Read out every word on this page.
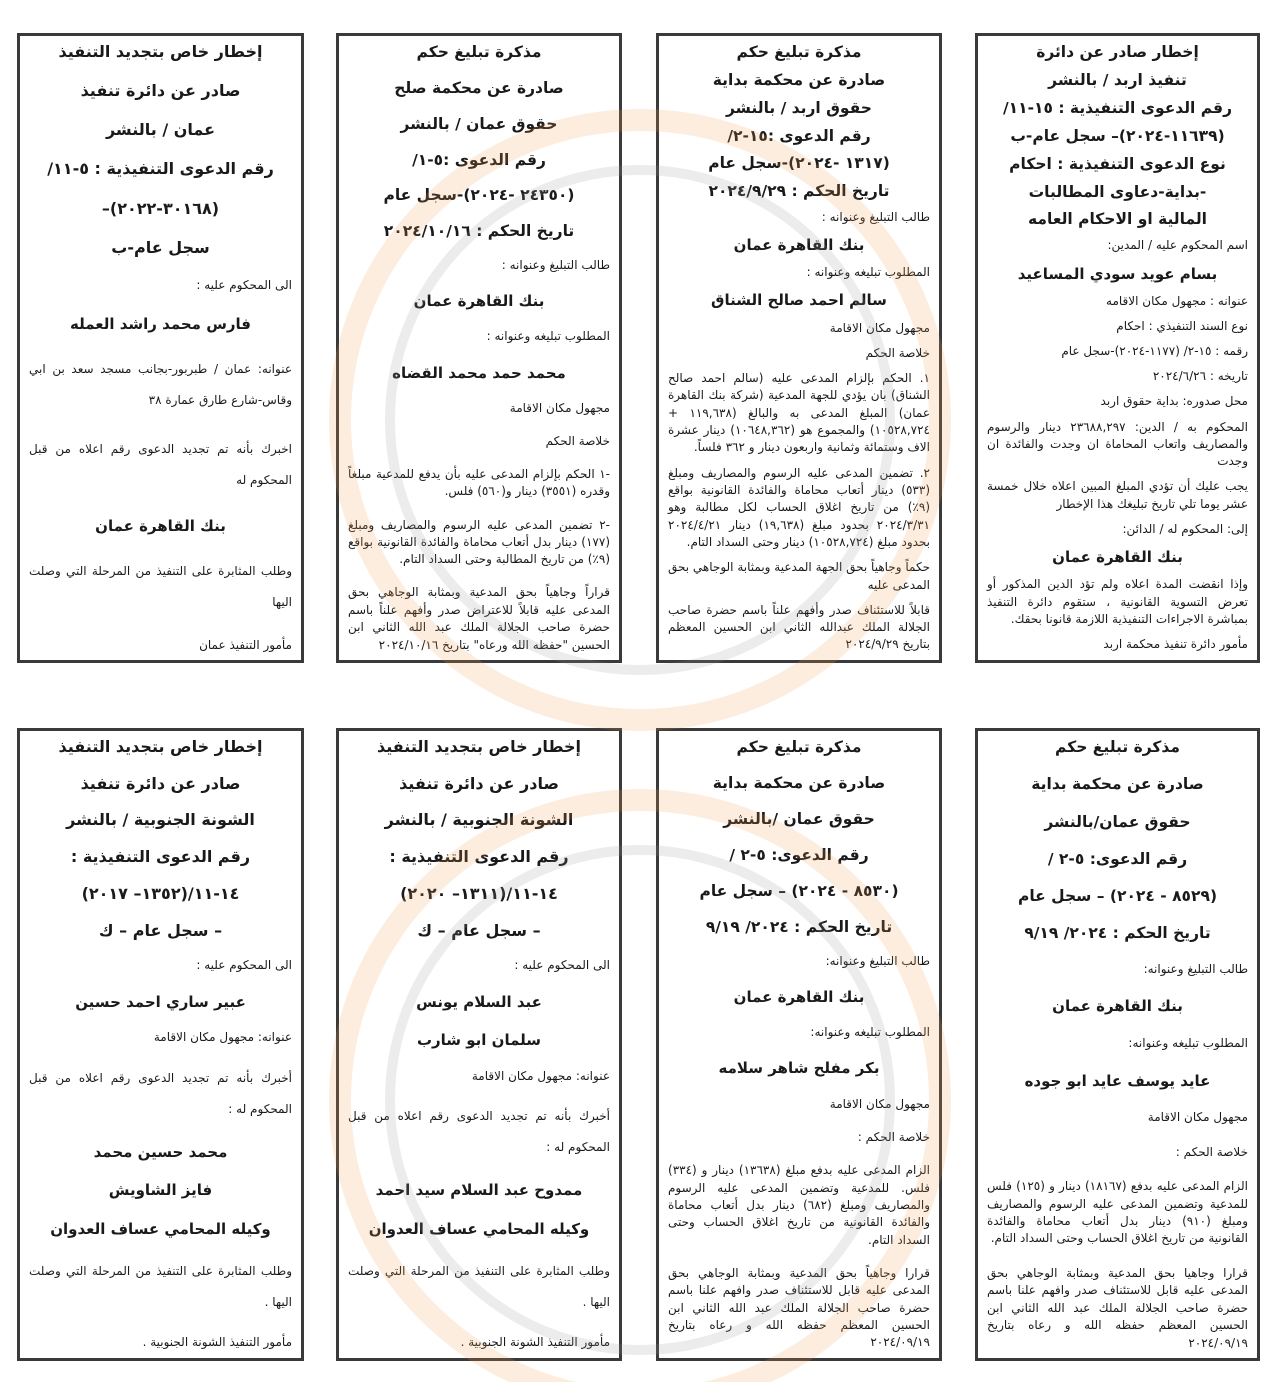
إخطار صادر عن دائرة
تنفيذ اربد / بالنشر
رقم الدعوى التنفيذية : ١٥-١١/
(١١٦٣٩-٢٠٢٤)– سجل عام-ب
نوع الدعوى التنفيذية : احكام
-بداية-دعاوى المطالبات
المالية او الاحكام العامه
اسم المحكوم عليه / المدين:
بسام عويد سودي المساعيد
عنوانه : مجهول مكان الاقامه
نوع السند التنفيذي : احكام
رقمه : ١٥-٢/ (١١٧٧-٢٠٢٤)-سجل عام
تاريخه : ٢٠٢٤/٦/٢٦
محل صدوره: بداية حقوق اربد
المحكوم به / الدين: ٢٣٦٨٨,٢٩٧ دينار والرسوم والمصاريف واتعاب المحاماة ان وجدت والفائدة ان وجدت
يجب عليك أن تؤدي المبلغ المبين اعلاه خلال خمسة عشر يوما تلي تاريخ تبليغك هذا الإخطار
إلى: المحكوم له / الدائن:
بنك القاهرة عمان
وإذا انقضت المدة اعلاه ولم تؤد الدين المذكور أو تعرض التسوية القانونية ، ستقوم دائرة التنفيذ بمباشرة الاجراءات التنفيذية اللازمة قانونا بحقك.
مأمور دائرة تنفيذ محكمة اربد
مذكرة تبليغ حكم
صادرة عن محكمة بداية
حقوق اربد / بالنشر
رقم الدعوى :١٥-٢/
(١٣١٧ -٢٠٢٤)-سجل عام
تاريخ الحكم : ٢٠٢٤/٩/٢٩
طالب التبليغ وعنوانه :
بنك القاهرة عمان
المطلوب تبليغه وعنوانه :
سالم احمد صالح الشناق
مجهول مكان الاقامة
خلاصة الحكم
١. الحكم بإلزام المدعى عليه (سالم احمد صالح الشناق) بان يؤدي للجهة المدعية (شركة بنك القاهرة عمان) المبلغ المدعى به والبالغ (١١٩,٦٣٨ + ١٠٥٢٨,٧٢٤) والمجموع هو (١٠٦٤٨,٣٦٢) دينار عشرة الاف وستمائة وثمانية واربعون دينار و ٣٦٢ فلساً.
٢. تضمين المدعى عليه الرسوم والمصاريف ومبلغ (٥٣٣) دينار أتعاب محاماة والفائدة القانونية بواقع (٩٪) من تاريخ اغلاق الحساب لكل مطالبة وهو ٢٠٢٤/٣/٣١ بحدود مبلغ (١٩,٦٣٨) دينار ٢٠٢٤/٤/٢١ بحدود مبلغ (١٠٥٢٨,٧٢٤) دينار وحتى السداد التام.
حكماً وجاهياً بحق الجهة المدعية وبمثابة الوجاهي بحق المدعى عليه
قابلاً للاستئناف صدر وأفهم علناً باسم حضرة صاحب الجلالة الملك عبدالله الثاني ابن الحسين المعظم بتاريخ ٢٠٢٤/٩/٢٩
مذكرة تبليغ حكم
صادرة عن محكمة صلح
حقوق عمان / بالنشر
رقم الدعوى :٥-١/
(٢٤٣٥٠ -٢٠٢٤)-سجل عام
تاريخ الحكم : ٢٠٢٤/١٠/١٦
طالب التبليغ وعنوانه :
بنك القاهرة عمان
المطلوب تبليغه وعنوانه :
محمد حمد محمد القضاه
مجهول مكان الاقامة
خلاصة الحكم
-١ الحكم بإلزام المدعى عليه بأن يدفع للمدعية مبلغاً وقدره (٣٥٥١) دينار و(٥٦٠) فلس.
-٢ تضمين المدعى عليه الرسوم والمصاريف ومبلغ (١٧٧) دينار بدل أتعاب محاماة والفائدة القانونية بواقع (٩٪) من تاريخ المطالبة وحتى السداد التام.
قراراً وجاهياً بحق المدعية وبمثابة الوجاهي بحق المدعى عليه قابلاً للاعتراض صدر وأفهم علناً باسم حضرة صاحب الجلالة الملك عبد الله الثاني ابن الحسين "حفظه الله ورعاه" بتاريخ ٢٠٢٤/١٠/١٦
إخطار خاص بتجديد التنفيذ
صادر عن دائرة تنفيذ
عمان / بالنشر
رقم الدعوى التنفيذية : ٥-١١/
(٣٠١٦٨-٢٠٢٢)–
سجل عام-ب
الى المحكوم عليه :
فارس محمد راشد العمله
عنوانه: عمان / طبربور-بجانب مسجد سعد بن ابي وقاس-شارع طارق عمارة ٣٨
اخبرك بأنه تم تجديد الدعوى رقم اعلاه من قبل المحكوم له
بنك القاهرة عمان
وطلب المثابرة على التنفيذ من المرحلة التي وصلت اليها
مأمور التنفيذ عمان
مذكرة تبليغ حكم
صادرة عن محكمة بداية
حقوق عمان/بالنشر
رقم الدعوى: ٥-٢ /
(٨٥٢٩ - ٢٠٢٤) – سجل عام
تاريخ الحكم : ٢٠٢٤/ ٩/١٩
طالب التبليغ وعنوانه:
بنك القاهرة عمان
المطلوب تبليغه وعنوانه:
عايد يوسف عايد ابو جوده
مجهول مكان الاقامة
خلاصة الحكم :
الزام المدعى عليه بدفع (١٨١٦٧) دينار و (١٢٥) فلس للمدعية وتضمين المدعى عليه الرسوم والمصاريف ومبلغ (٩١٠) دينار بدل أتعاب محاماة والفائدة القانونية من تاريخ اغلاق الحساب وحتى السداد التام.
قرارا وجاهيا بحق المدعية وبمثابة الوجاهي بحق المدعى عليه قابل للاستئناف صدر وافهم علنا باسم حضرة صاحب الجلالة الملك عبد الله الثاني ابن الحسين المعظم حفظه الله و رعاه بتاريخ ٢٠٢٤/٠٩/١٩
مذكرة تبليغ حكم
صادرة عن محكمة بداية
حقوق عمان /بالنشر
رقم الدعوى: ٥-٢ /
(٨٥٣٠ - ٢٠٢٤) – سجل عام
تاريخ الحكم : ٢٠٢٤/ ٩/١٩
طالب التبليغ وعنوانه:
بنك القاهرة عمان
المطلوب تبليغه وعنوانه:
بكر مفلح شاهر سلامه
مجهول مكان الاقامة
خلاصة الحكم :
الزام المدعى عليه بدفع مبلغ (١٣٦٣٨) دينار و (٣٣٤) فلس. للمدعية وتضمين المدعى عليه الرسوم والمصاريف ومبلغ (٦٨٢) دينار بدل أتعاب محاماة والفائدة القانونية من تاريخ اغلاق الحساب وحتى السداد التام.
قرارا وجاهياً بحق المدعية وبمثابة الوجاهي بحق المدعى عليه قابل للاستئناف صدر وافهم علنا باسم حضرة صاحب الجلالة الملك عبد الله الثاني ابن الحسين المعظم حفظه الله و رعاه بتاريخ ٢٠٢٤/٠٩/١٩
إخطار خاص بتجديد التنفيذ
صادر عن دائرة تنفيذ
الشونة الجنوبية / بالنشر
رقم الدعوى التنفيذية :
١٤-١١/(١٣١١– ٢٠٢٠)
– سجل عام – ك
الى المحكوم عليه :
عبد السلام يونس
سلمان ابو شارب
عنوانه: مجهول مكان الاقامة
أخبرك بأنه تم تجديد الدعوى رقم اعلاه من قبل المحكوم له :
ممدوح عبد السلام سيد احمد
وكيله المحامي عساف العدوان
وطلب المثابرة على التنفيذ من المرحلة التي وصلت اليها .
مأمور التنفيذ الشونة الجنوبية .
إخطار خاص بتجديد التنفيذ
صادر عن دائرة تنفيذ
الشونة الجنوبية / بالنشر
رقم الدعوى التنفيذية :
١٤-١١/(١٣٥٢– ٢٠١٧)
– سجل عام – ك
الى المحكوم عليه :
عبير ساري احمد حسين
عنوانه: مجهول مكان الاقامة
أخبرك بأنه تم تجديد الدعوى رقم اعلاه من قبل المحكوم له :
محمد حسين محمد
فايز الشاويش
وكيله المحامي عساف العدوان
وطلب المثابرة على التنفيذ من المرحلة التي وصلت اليها .
مأمور التنفيذ الشونة الجنوبية .
